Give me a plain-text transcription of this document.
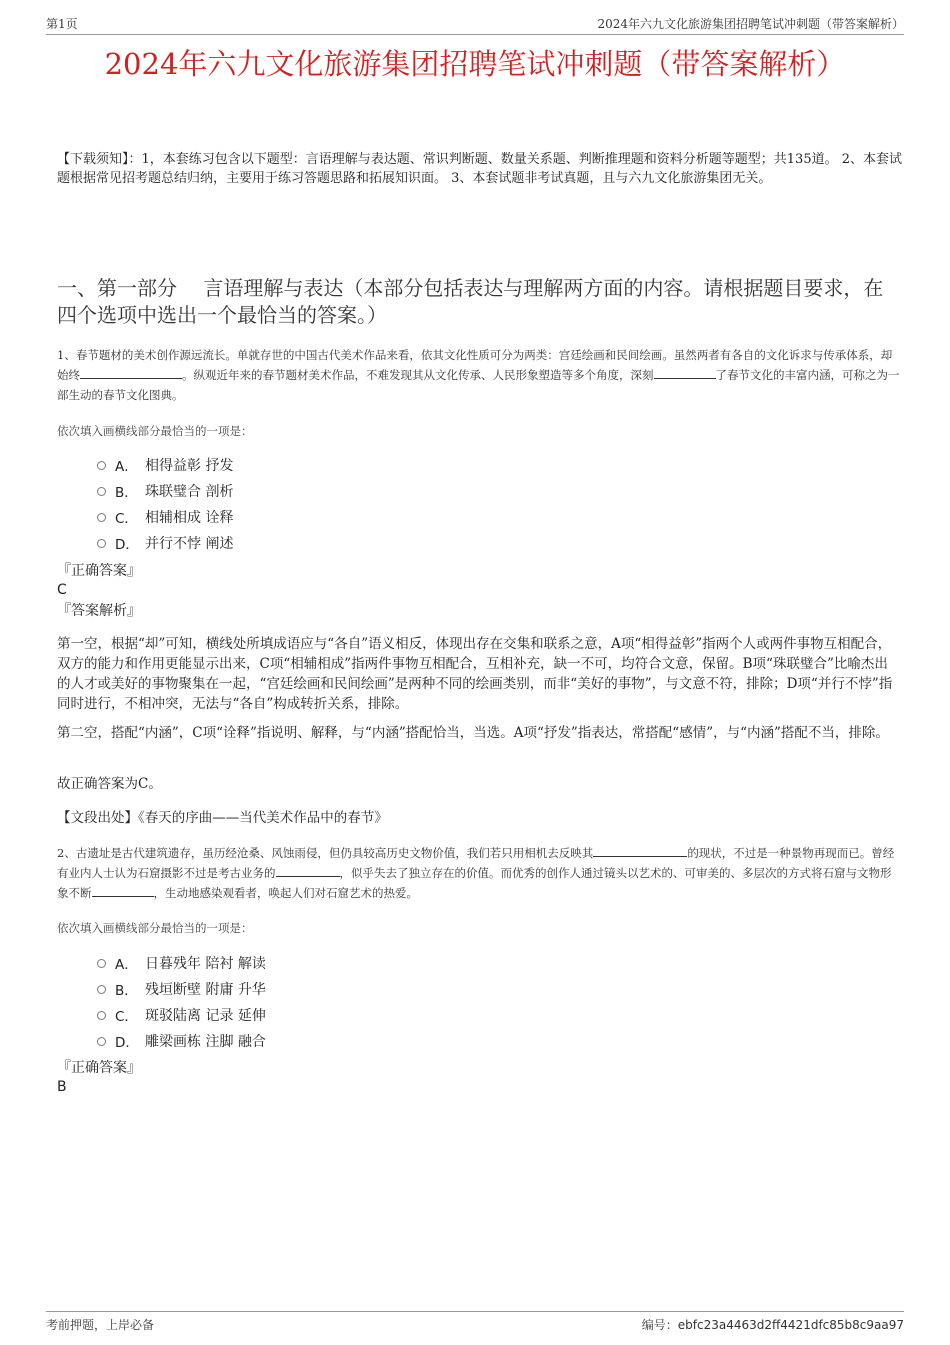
第1页	2024年六九文化旅游集团招聘笔试冲刺题（带答案解析）
2024年六九文化旅游集团招聘笔试冲刺题（带答案解析）

【下载须知】：1，本套练习包含以下题型：言语理解与表达题、常识判断题、数量关系题、判断推理题和资料分析题等题型；共135道。 2、本套试题根据常见招考题总结归纳，主要用于练习答题思路和拓展知识面。 3、本套试题非考试真题，且与六九文化旅游集团无关。

一、第一部分　 言语理解与表达（本部分包括表达与理解两方面的内容。请根据题目要求，在四个选项中选出一个最恰当的答案。）

1、春节题材的美术创作源远流长。单就存世的中国古代美术作品来看，依其文化性质可分为两类：宫廷绘画和民间绘画。虽然两者有各自的文化诉求与传承体系，却始终	。纵观近年来的春节题材美术作品，不难发现其从文化传承、人民形象塑造等多个角度，深刻	了春节文化的丰富内涵，可称之为一部生动的春节文化图典。

依次填入画横线部分最恰当的一项是：

A． 相得益彰 抒发
B． 珠联璧合 剖析
C． 相辅相成 诠释
D． 并行不悖 阐述

『正确答案』

C

『答案解析』

第一空，根据“却”可知，横线处所填成语应与“各自”语义相反，体现出存在交集和联系之意，A项“相得益彰”指两个人或两件事物互相配合，双方的能力和作用更能显示出来，C项“相辅相成”指两件事物互相配合，互相补充，缺一不可，均符合文意，保留。B项“珠联璧合”比喻杰出的人才或美好的事物聚集在一起，“宫廷绘画和民间绘画”是两种不同的绘画类别，而非“美好的事物”，与文意不符，排除；D项“并行不悖”指同时进行，不相冲突，无法与“各自”构成转折关系，排除。

第二空，搭配“内涵”，C项“诠释”指说明、解释，与“内涵”搭配恰当，当选。A项“抒发”指表达，常搭配“感情”，与“内涵”搭配不当，排除。

故正确答案为C。

【文段出处】《春天的序曲——当代美术作品中的春节》

2、古遗址是古代建筑遗存，虽历经沧桑、风蚀雨侵，但仍具较高历史文物价值，我们若只用相机去反映其	的现状，不过是一种景物再现而已。曾经有业内人士认为石窟摄影不过是考古业务的	，似乎失去了独立存在的价值。而优秀的创作人通过镜头以艺术的、可审美的、多层次的方式将石窟与文物形象不断	，生动地感染观看者，唤起人们对石窟艺术的热爱。

依次填入画横线部分最恰当的一项是：

A． 日暮残年 陪衬 解读
B． 残垣断壁 附庸 升华
C． 斑驳陆离 记录 延伸
D． 雕梁画栋 注脚 融合

『正确答案』

B

考前押题，上岸必备	编号：ebfc23a4463d2ff4421dfc85b8c9aa97
